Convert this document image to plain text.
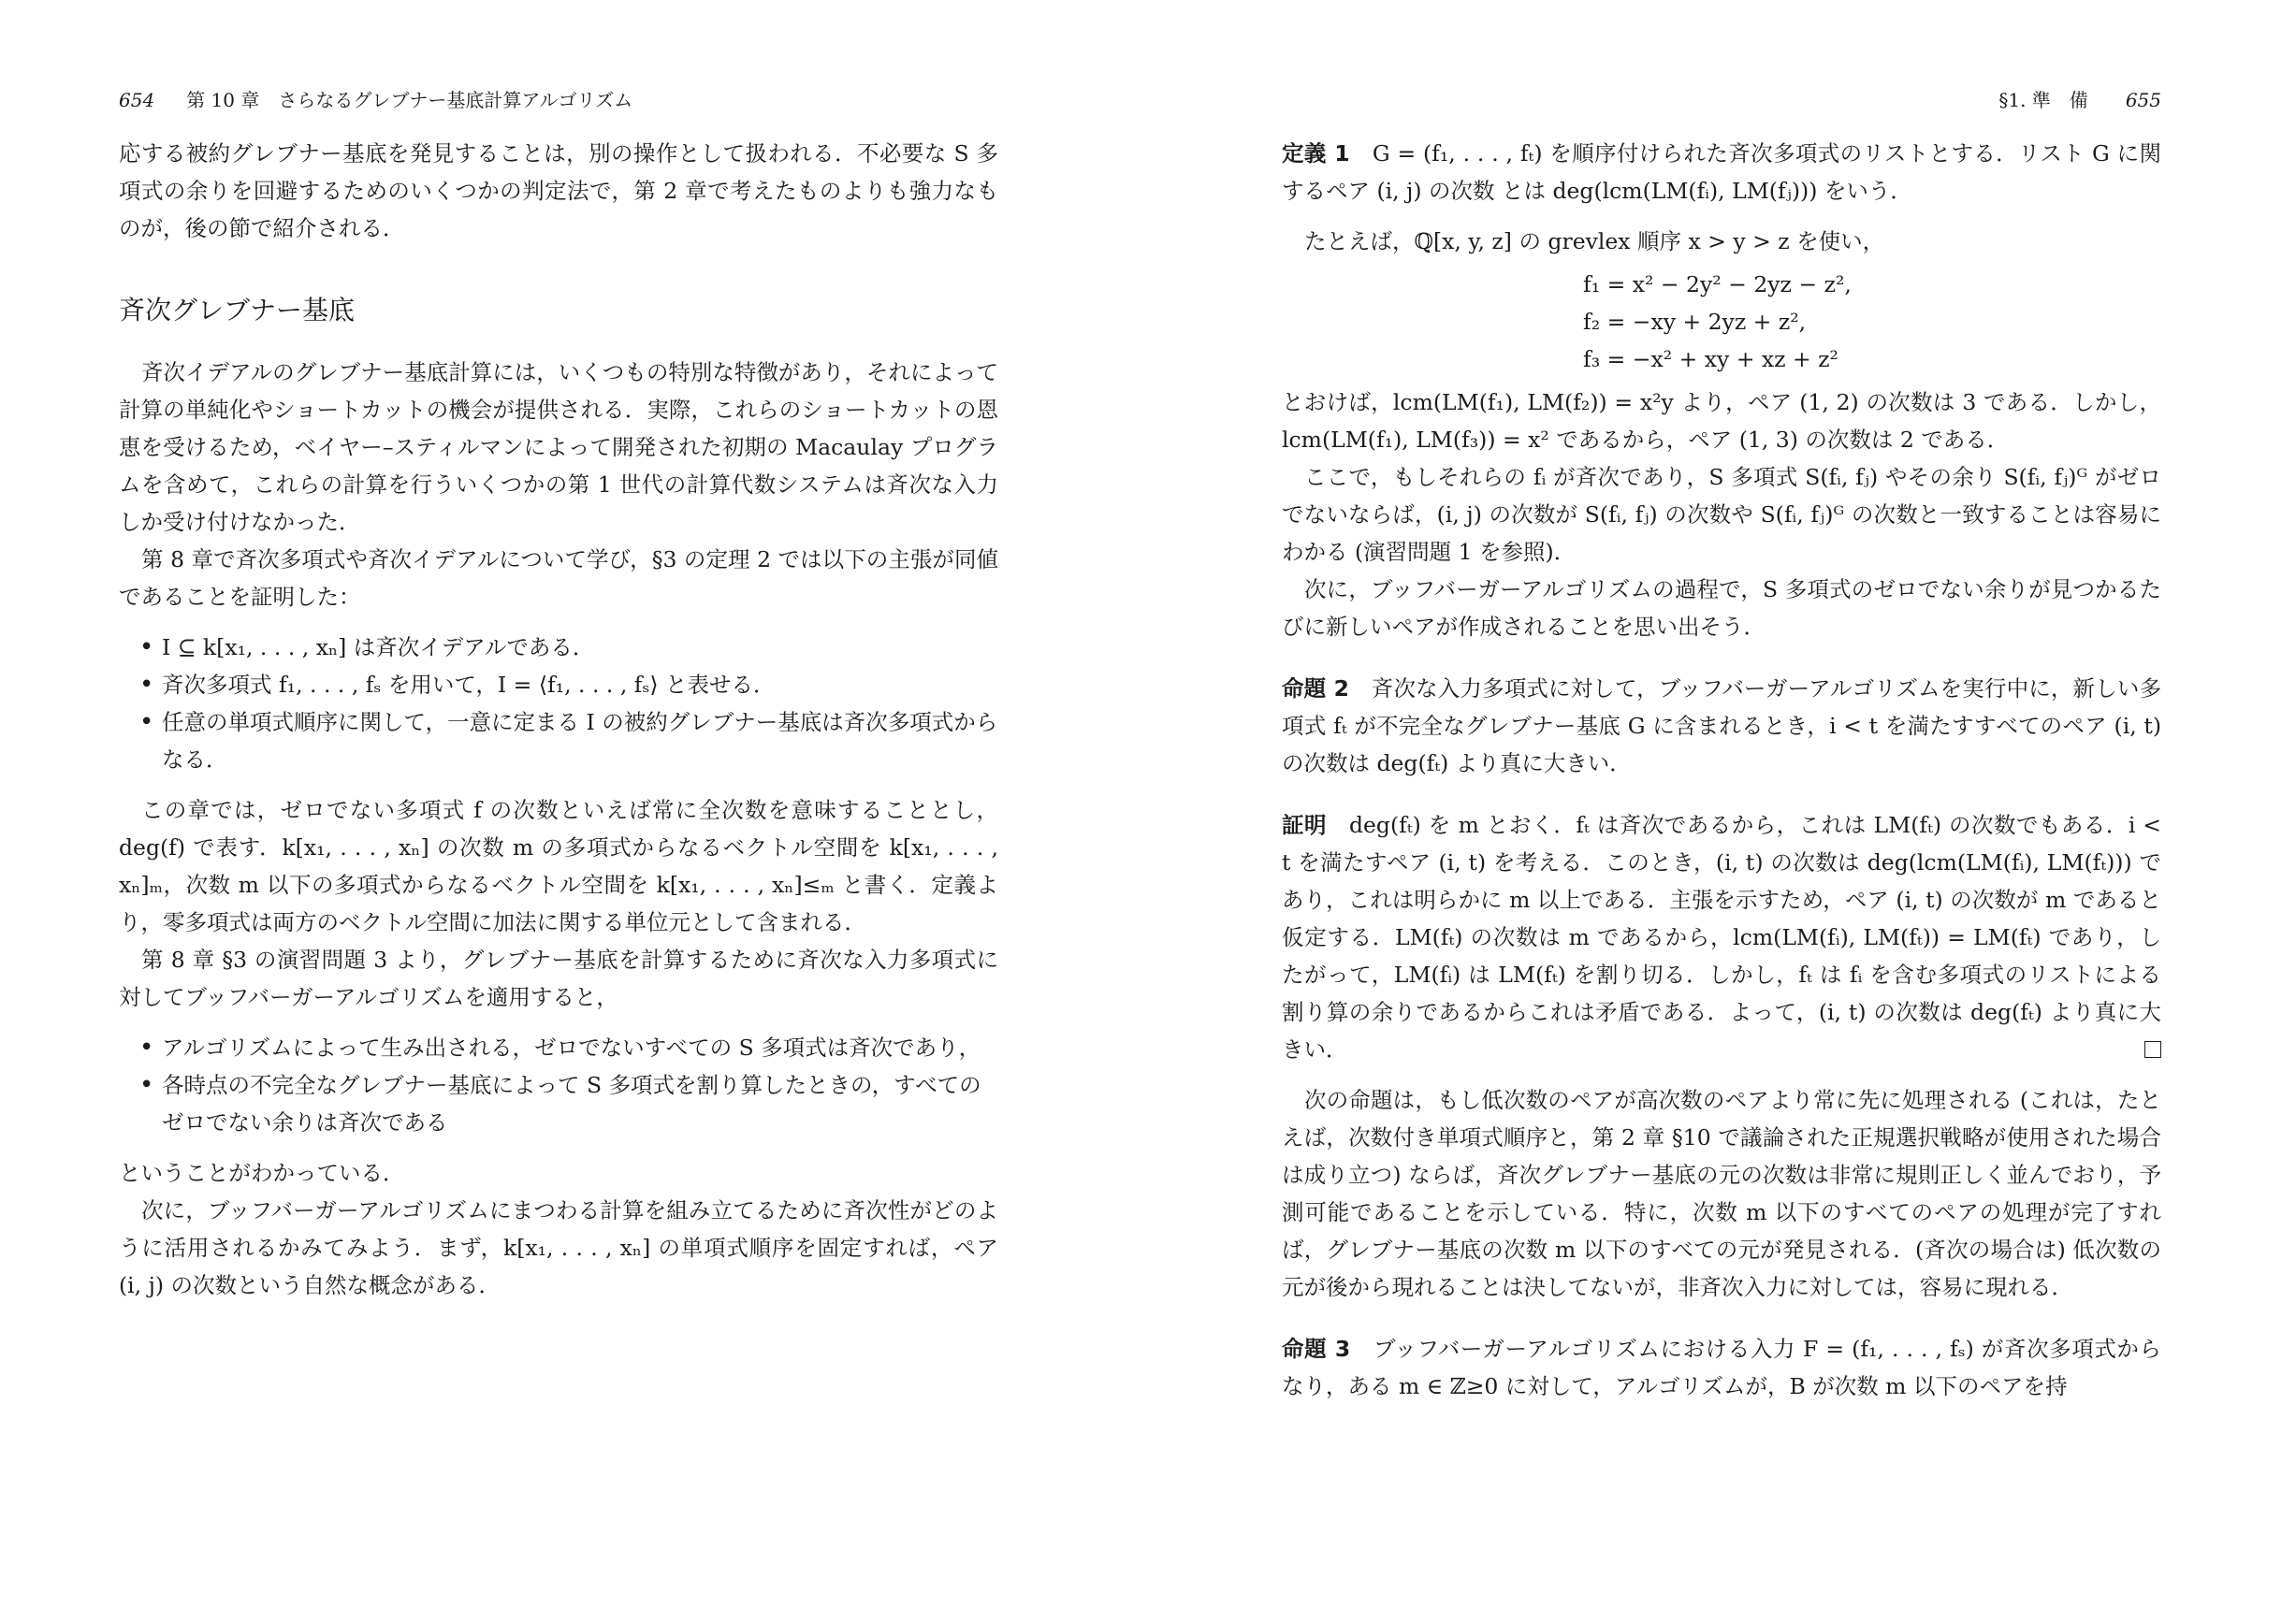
654 第 10 章　さらなるグレブナー基底計算アルゴリズム

応する被約グレブナー基底を発見することは，別の操作として扱われる．不必要な S 多項式の余りを回避するためのいくつかの判定法で，第 2 章で考えたものよりも強力なものが，後の節で紹介される．

斉次グレブナー基底

斉次イデアルのグレブナー基底計算には，いくつもの特別な特徴があり，それによって計算の単純化やショートカットの機会が提供される．実際，これらのショートカットの恩恵を受けるため，ベイヤー–スティルマンによって開発された初期の Macaulay プログラムを含めて，これらの計算を行ういくつかの第 1 世代の計算代数システムは斉次な入力しか受け付けなかった．

第 8 章で斉次多項式や斉次イデアルについて学び，§3 の定理 2 では以下の主張が同値であることを証明した：

• I ⊆ k[x₁, . . . , xₙ] は斉次イデアルである．
• 斉次多項式 f₁, . . . , fₛ を用いて，I = ⟨f₁, . . . , fₛ⟩ と表せる．
• 任意の単項式順序に関して，一意に定まる I の被約グレブナー基底は斉次多項式からなる．

この章では，ゼロでない多項式 f の次数といえば常に全次数を意味することとし，deg(f) で表す．k[x₁, . . . , xₙ] の次数 m の多項式からなるベクトル空間を k[x₁, . . . , xₙ]ₘ，次数 m 以下の多項式からなるベクトル空間を k[x₁, . . . , xₙ]≤ₘ と書く．定義より，零多項式は両方のベクトル空間に加法に関する単位元として含まれる．

第 8 章 §3 の演習問題 3 より，グレブナー基底を計算するために斉次な入力多項式に対してブッフバーガーアルゴリズムを適用すると，

• アルゴリズムによって生み出される，ゼロでないすべての S 多項式は斉次であり，
• 各時点の不完全なグレブナー基底によって S 多項式を割り算したときの，すべてのゼロでない余りは斉次である

ということがわかっている．

次に，ブッフバーガーアルゴリズムにまつわる計算を組み立てるために斉次性がどのように活用されるかみてみよう．まず，k[x₁, . . . , xₙ] の単項式順序を固定すれば，ペア (i, j) の次数という自然な概念がある．

§1. 準　備 655

定義 1　 G = (f₁, . . . , fₜ) を順序付けられた斉次多項式のリストとする．リスト G に関するペア (i, j) の次数 とは deg(lcm(LM(fᵢ), LM(fⱼ))) をいう．

たとえば，ℚ[x, y, z] の grevlex 順序 x > y > z を使い，

f₁ = x² − 2y² − 2yz − z²,
f₂ = −xy + 2yz + z²,
f₃ = −x² + xy + xz + z²

とおけば，lcm(LM(f₁), LM(f₂)) = x²y より，ペア (1, 2) の次数は 3 である．しかし，lcm(LM(f₁), LM(f₃)) = x² であるから，ペア (1, 3) の次数は 2 である．

ここで，もしそれらの fᵢ が斉次であり，S 多項式 S(fᵢ, fⱼ) やその余り S(fᵢ, fⱼ)ᴳ がゼロでないならば，(i, j) の次数が S(fᵢ, fⱼ) の次数や S(fᵢ, fⱼ)ᴳ の次数と一致することは容易にわかる (演習問題 1 を参照)．

次に，ブッフバーガーアルゴリズムの過程で，S 多項式のゼロでない余りが見つかるたびに新しいペアが作成されることを思い出そう．

命題 2　 斉次な入力多項式に対して，ブッフバーガーアルゴリズムを実行中に，新しい多項式 fₜ が不完全なグレブナー基底 G に含まれるとき，i < t を満たすすべてのペア (i, t) の次数は deg(fₜ) より真に大きい．

証明　 deg(fₜ) を m とおく．fₜ は斉次であるから，これは LM(fₜ) の次数でもある．i < t を満たすペア (i, t) を考える．このとき，(i, t) の次数は deg(lcm(LM(fᵢ), LM(fₜ))) であり，これは明らかに m 以上である．主張を示すため，ペア (i, t) の次数が m であると仮定する．LM(fₜ) の次数は m であるから，lcm(LM(fᵢ), LM(fₜ)) = LM(fₜ) であり，したがって，LM(fᵢ) は LM(fₜ) を割り切る．しかし，fₜ は fᵢ を含む多項式のリストによる割り算の余りであるからこれは矛盾である．よって，(i, t) の次数は deg(fₜ) より真に大きい．

次の命題は，もし低次数のペアが高次数のペアより常に先に処理される (これは，たとえば，次数付き単項式順序と，第 2 章 §10 で議論された正規選択戦略が使用された場合は成り立つ) ならば，斉次グレブナー基底の元の次数は非常に規則正しく並んでおり，予測可能であることを示している．特に，次数 m 以下のすべてのペアの処理が完了すれば，グレブナー基底の次数 m 以下のすべての元が発見される．(斉次の場合は) 低次数の元が後から現れることは決してないが，非斉次入力に対しては，容易に現れる．

命題 3　 ブッフバーガーアルゴリズムにおける入力 F = (f₁, . . . , fₛ) が斉次多項式からなり，ある m ∈ ℤ≥0 に対して，アルゴリズムが，B が次数 m 以下のペアを持
